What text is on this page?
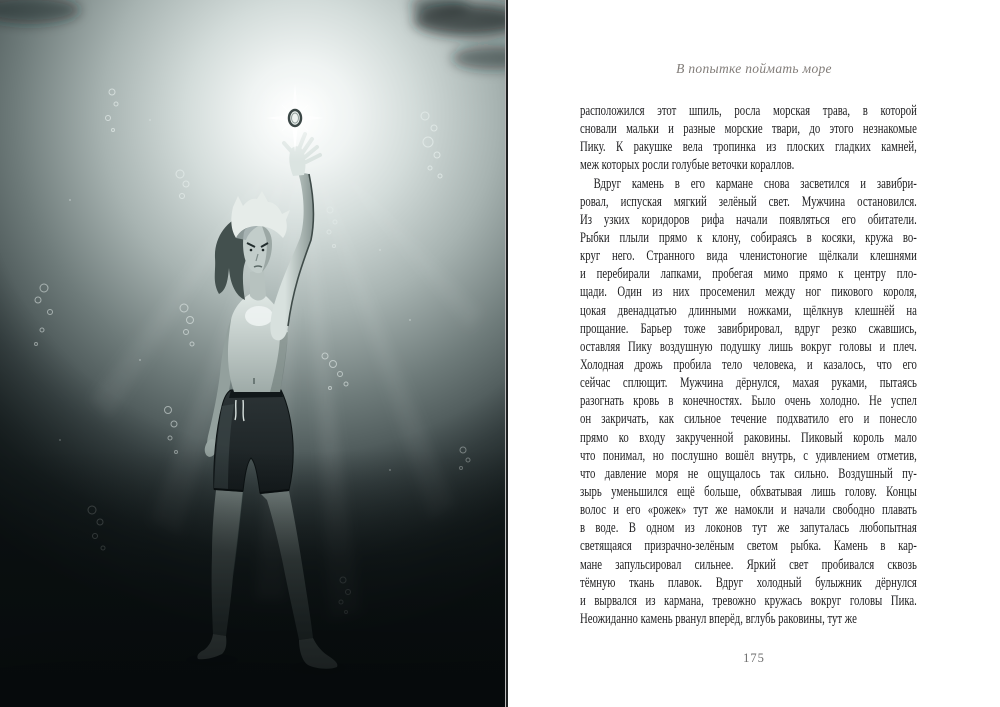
В попытке поймать море
расположился этот шпиль, росла морская трава, в которой
сновали мальки и разные морские твари, до этого незнакомые
Пику. К ракушке вела тропинка из плоских гладких камней,
меж которых росли голубые веточки кораллов.
Вдруг камень в его кармане снова засветился и завибри-
ровал, испуская мягкий зелёный свет. Мужчина остановился.
Из узких коридоров рифа начали появляться его обитатели.
Рыбки плыли прямо к клону, собираясь в косяки, кружа во-
круг него. Странного вида членистоногие щёлкали клешнями
и перебирали лапками, пробегая мимо прямо к центру пло-
щади. Один из них просеменил между ног пикового короля,
цокая двенадцатью длинными ножками, щёлкнув клешнёй на
прощание. Барьер тоже завибрировал, вдруг резко сжавшись,
оставляя Пику воздушную подушку лишь вокруг головы и плеч.
Холодная дрожь пробила тело человека, и казалось, что его
сейчас сплющит. Мужчина дёрнулся, махая руками, пытаясь
разогнать кровь в конечностях. Было очень холодно. Не успел
он закричать, как сильное течение подхватило его и понесло
прямо ко входу закрученной раковины. Пиковый король мало
что понимал, но послушно вошёл внутрь, с удивлением отметив,
что давление моря не ощущалось так сильно. Воздушный пу-
зырь уменьшился ещё больше, обхватывая лишь голову. Концы
волос и его «рожек» тут же намокли и начали свободно плавать
в воде. В одном из локонов тут же запуталась любопытная
светящаяся призрачно-зелёным светом рыбка. Камень в кар-
мане запульсировал сильнее. Яркий свет пробивался сквозь
тёмную ткань плавок. Вдруг холодный булыжник дёрнулся
и вырвался из кармана, тревожно кружась вокруг головы Пика.
Неожиданно камень рванул вперёд, вглубь раковины, тут же
175
